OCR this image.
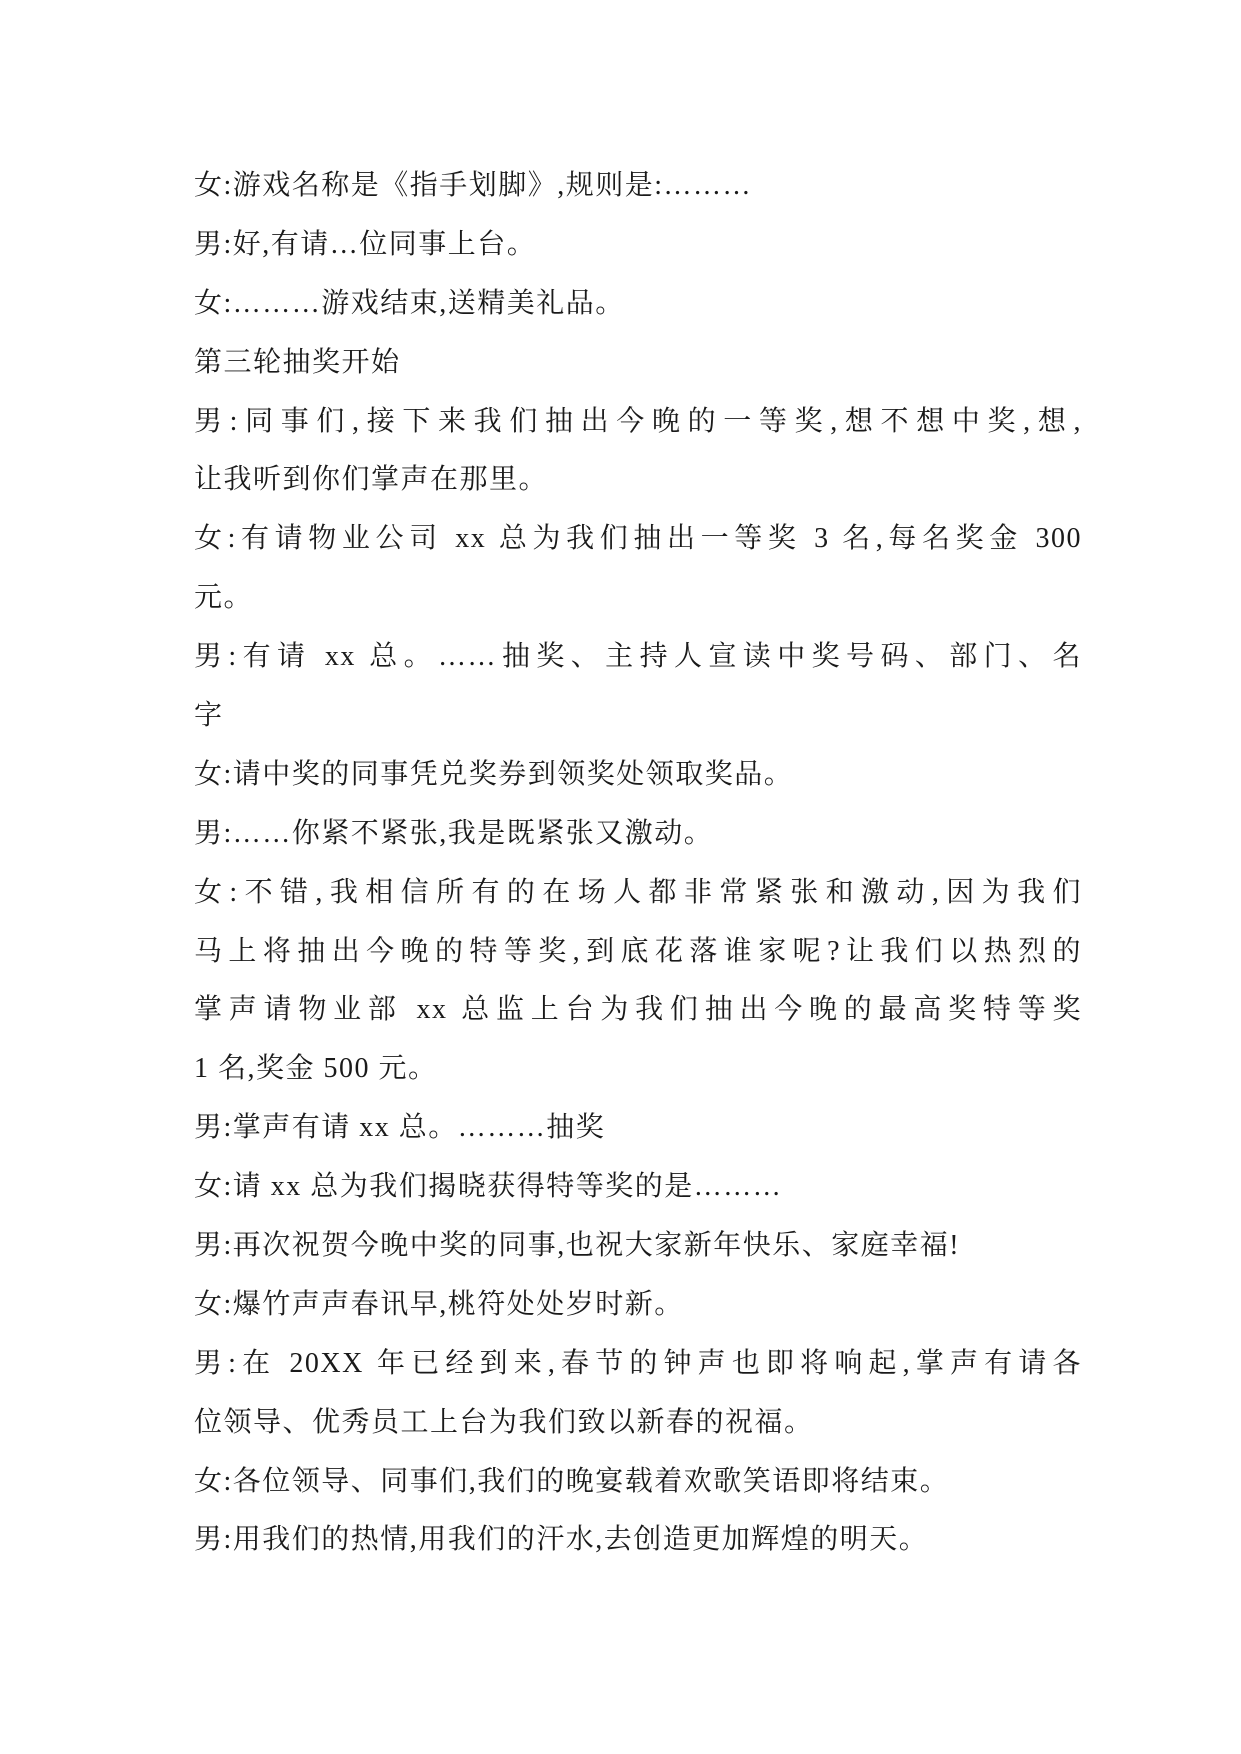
女:游戏名称是《指手划脚》,规则是:………
男:好,有请…位同事上台。
女:………游戏结束,送精美礼品。
第三轮抽奖开始
男:同事们,接下来我们抽出今晚的一等奖,想不想中奖,想,
让我听到你们掌声在那里。
女:有请物业公司 xx 总为我们抽出一等奖 3 名,每名奖金 300
元。
男:有请 xx 总。……抽奖、主持人宣读中奖号码、部门、名
字
女:请中奖的同事凭兑奖券到领奖处领取奖品。
男:……你紧不紧张,我是既紧张又激动。
女:不错,我相信所有的在场人都非常紧张和激动,因为我们
马上将抽出今晚的特等奖,到底花落谁家呢?让我们以热烈的
掌声请物业部 xx 总监上台为我们抽出今晚的最高奖特等奖
1 名,奖金 500 元。
男:掌声有请 xx 总。………抽奖
女:请 xx 总为我们揭晓获得特等奖的是………
男:再次祝贺今晚中奖的同事,也祝大家新年快乐、家庭幸福!
女:爆竹声声春讯早,桃符处处岁时新。
男:在 20XX 年已经到来,春节的钟声也即将响起,掌声有请各
位领导、优秀员工上台为我们致以新春的祝福。
女:各位领导、同事们,我们的晚宴载着欢歌笑语即将结束。
男:用我们的热情,用我们的汗水,去创造更加辉煌的明天。
